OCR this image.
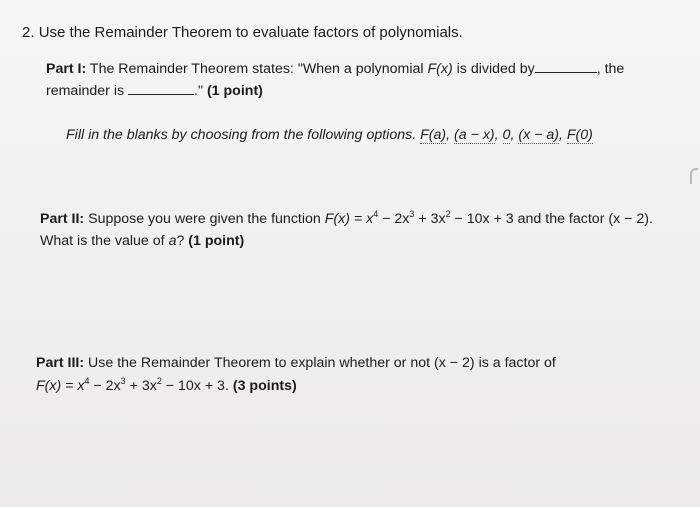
2. Use the Remainder Theorem to evaluate factors of polynomials.
Part I: The Remainder Theorem states: "When a polynomial F(x) is divided by	, the
remainder is	." (1 point)
Fill in the blanks by choosing from the following options. F(a), (a − x), 0, (x − a), F(0)
Part II: Suppose you were given the function $F(x) = x^4 - 2x^3 + 3x^2 - 10x + 3$ and the factor (x − 2).
What is the value of a? (1 point)
Part III: Use the Remainder Theorem to explain whether or not (x − 2) is a factor of
$F(x) = x^4 - 2x^3 + 3x^2 - 10x + 3$. (3 points)
